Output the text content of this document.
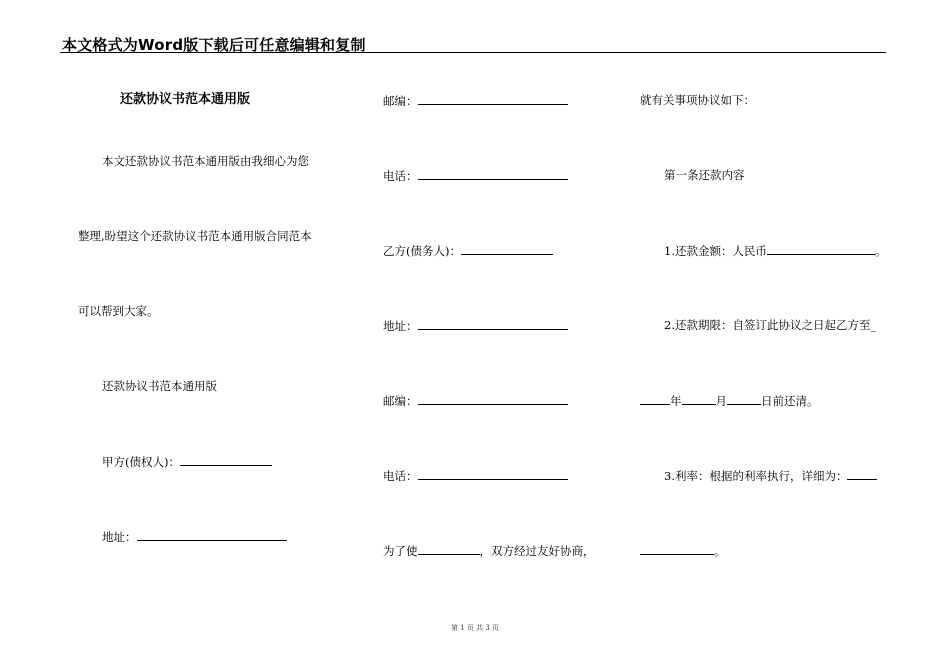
本文格式为Word版下载后可任意编辑和复制
还款协议书范本通用版
本文还款协议书范本通用版由我细心为您
整理,盼望这个还款协议书范本通用版合同范本
可以帮到大家。
还款协议书范本通用版
甲方(债权人)：
地址：
邮编：
电话：
乙方(债务人)：
地址：
邮编：
电话：
为了使	，双方经过友好协商，
就有关事项协议如下：
第一条还款内容
1.还款金额：人民币	。
2.还款期限：自签订此协议之日起乙方至_
年	月	日前还清。
3.利率：根据的利率执行，详细为：
。
第 1 页 共 3 页
